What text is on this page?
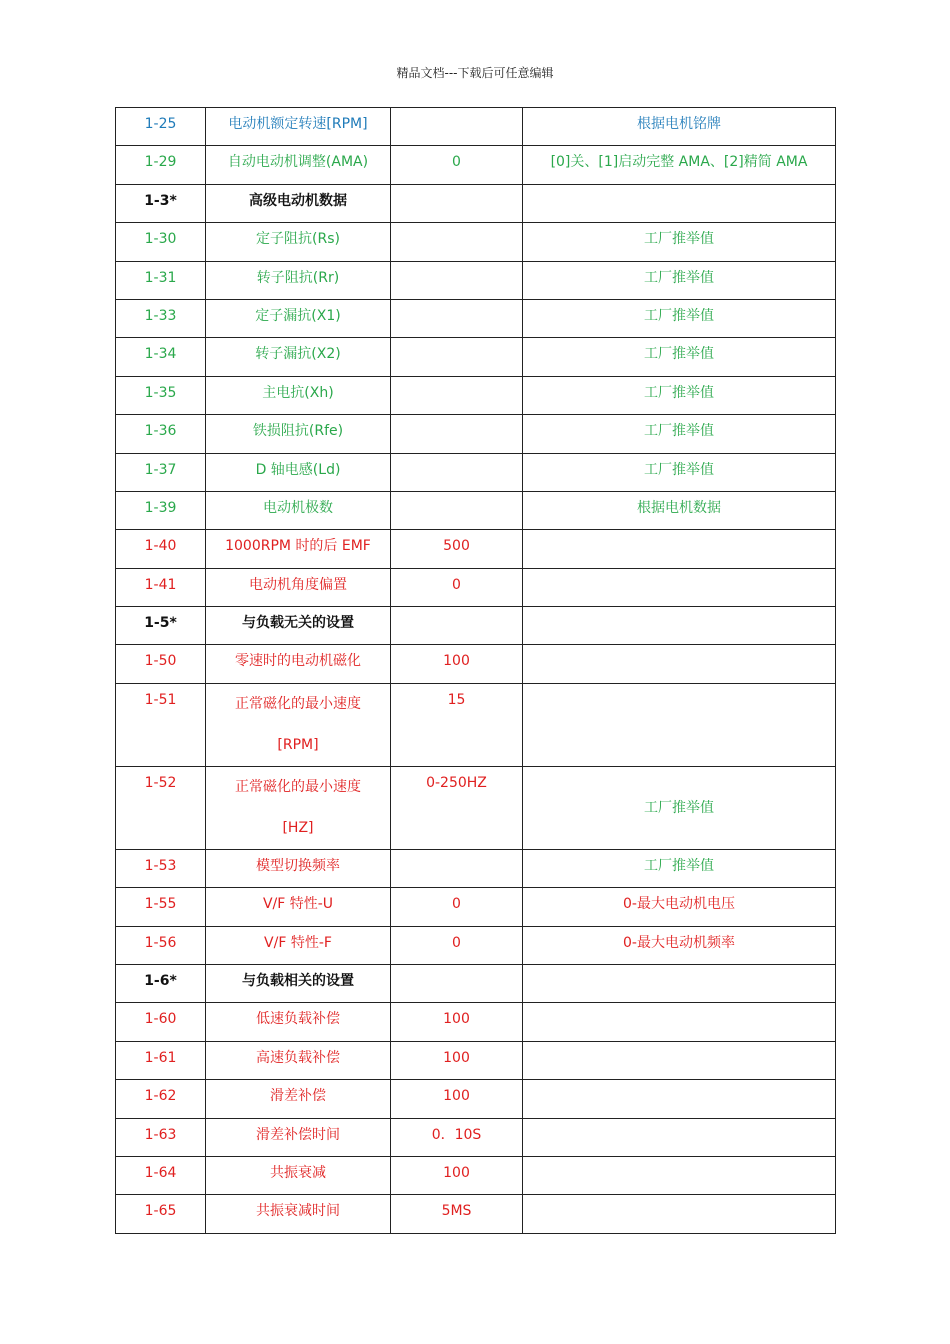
精品文档---下载后可任意编辑
1-25	电动机额定转速[RPM]		根据电机铭牌

1-29	自动电动机调整(AMA)	0	[0]关、[1]启动完整 AMA、[2]精简 AMA

1-3*	高级电动机数据		

1-30	定子阻抗(Rs)		工厂推举值

1-31	转子阻抗(Rr)		工厂推举值

1-33	定子漏抗(X1)		工厂推举值

1-34	转子漏抗(X2)		工厂推举值

1-35	主电抗(Xh)		工厂推举值

1-36	铁损阻抗(Rfe)		工厂推举值

1-37	D 轴电感(Ld)		工厂推举值

1-39	电动机极数		根据电机数据

1-40	1000RPM 时的后 EMF	500	

1-41	电动机角度偏置	0	

1-5*	与负载无关的设置		

1-50	零速时的电动机磁化	100	

1-51	正常磁化的最小速度
[RPM]	15	

1-52	正常磁化的最小速度
[HZ]	0-250HZ	工厂推举值

1-53	模型切换频率		工厂推举值

1-55	V/F 特性-U	0	0-最大电动机电压

1-56	V/F 特性-F	0	0-最大电动机频率

1-6*	与负载相关的设置		

1-60	低速负载补偿	100	

1-61	高速负载补偿	100	

1-62	滑差补偿	100	

1-63	滑差补偿时间	0．10S	

1-64	共振衰减	100	

1-65	共振衰减时间	5MS	
